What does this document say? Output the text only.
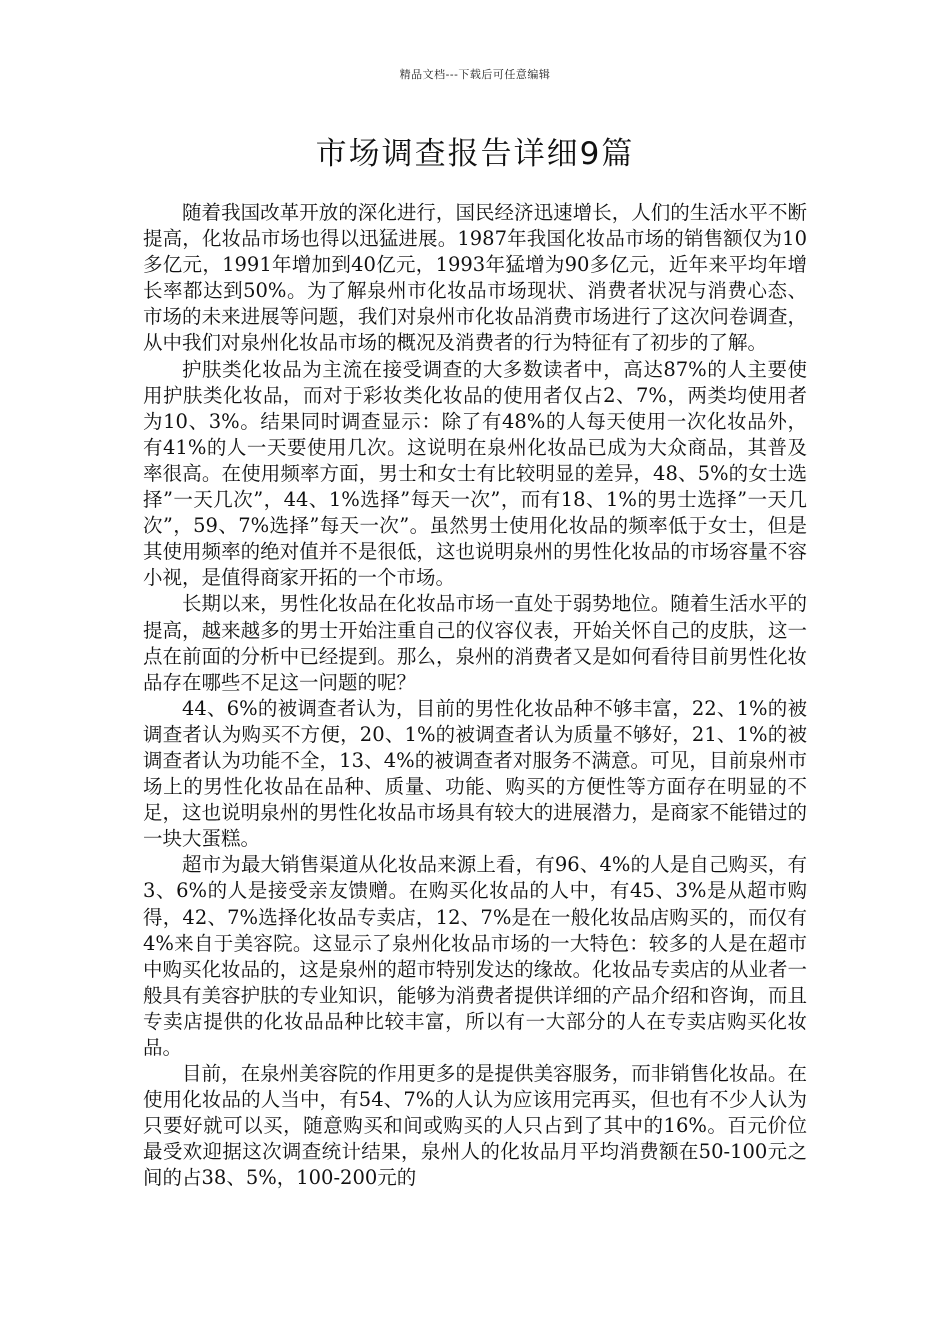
精品文档---下载后可任意编辑
市场调查报告详细9篇

随着我国改革开放的深化进行，国民经济迅速增长，人们的生活水平不断提高，化妆品市场也得以迅猛进展。1987年我国化妆品市场的销售额仅为10多亿元，1991年增加到40亿元，1993年猛增为90多亿元，近年来平均年增长率都达到50%。为了解泉州市化妆品市场现状、消费者状况与消费心态、市场的未来进展等问题，我们对泉州市化妆品消费市场进行了这次问卷调查，从中我们对泉州化妆品市场的概况及消费者的行为特征有了初步的了解。

护肤类化妆品为主流在接受调查的大多数读者中，高达87%的人主要使用护肤类化妆品，而对于彩妆类化妆品的使用者仅占2、7%，两类均使用者为10、3%。结果同时调查显示：除了有48%的人每天使用一次化妆品外，有41%的人一天要使用几次。这说明在泉州化妆品已成为大众商品，其普及率很高。在使用频率方面，男士和女士有比较明显的差异，48、5%的女士选择”一天几次”，44、1%选择”每天一次”，而有18、1%的男士选择”一天几次”，59、7%选择”每天一次”。虽然男士使用化妆品的频率低于女士，但是其使用频率的绝对值并不是很低，这也说明泉州的男性化妆品的市场容量不容小视，是值得商家开拓的一个市场。

长期以来，男性化妆品在化妆品市场一直处于弱势地位。随着生活水平的提高，越来越多的男士开始注重自己的仪容仪表，开始关怀自己的皮肤，这一点在前面的分析中已经提到。那么，泉州的消费者又是如何看待目前男性化妆品存在哪些不足这一问题的呢？

44、6%的被调查者认为，目前的男性化妆品种不够丰富，22、1%的被调查者认为购买不方便，20、1%的被调查者认为质量不够好，21、1%的被调查者认为功能不全，13、4%的被调查者对服务不满意。可见，目前泉州市场上的男性化妆品在品种、质量、功能、购买的方便性等方面存在明显的不足，这也说明泉州的男性化妆品市场具有较大的进展潜力，是商家不能错过的一块大蛋糕。

超市为最大销售渠道从化妆品来源上看，有96、4%的人是自己购买，有3、6%的人是接受亲友馈赠。在购买化妆品的人中，有45、3%是从超市购得，42、7%选择化妆品专卖店，12、7%是在一般化妆品店购买的，而仅有4%来自于美容院。这显示了泉州化妆品市场的一大特色：较多的人是在超市中购买化妆品的，这是泉州的超市特别发达的缘故。化妆品专卖店的从业者一般具有美容护肤的专业知识，能够为消费者提供详细的产品介绍和咨询，而且专卖店提供的化妆品品种比较丰富，所以有一大部分的人在专卖店购买化妆品。

目前，在泉州美容院的作用更多的是提供美容服务，而非销售化妆品。在使用化妆品的人当中，有54、7%的人认为应该用完再买，但也有不少人认为只要好就可以买，随意购买和间或购买的人只占到了其中的16%。百元价位最受欢迎据这次调查统计结果，泉州人的化妆品月平均消费额在50-100元之间的占38、5%，100-200元的
